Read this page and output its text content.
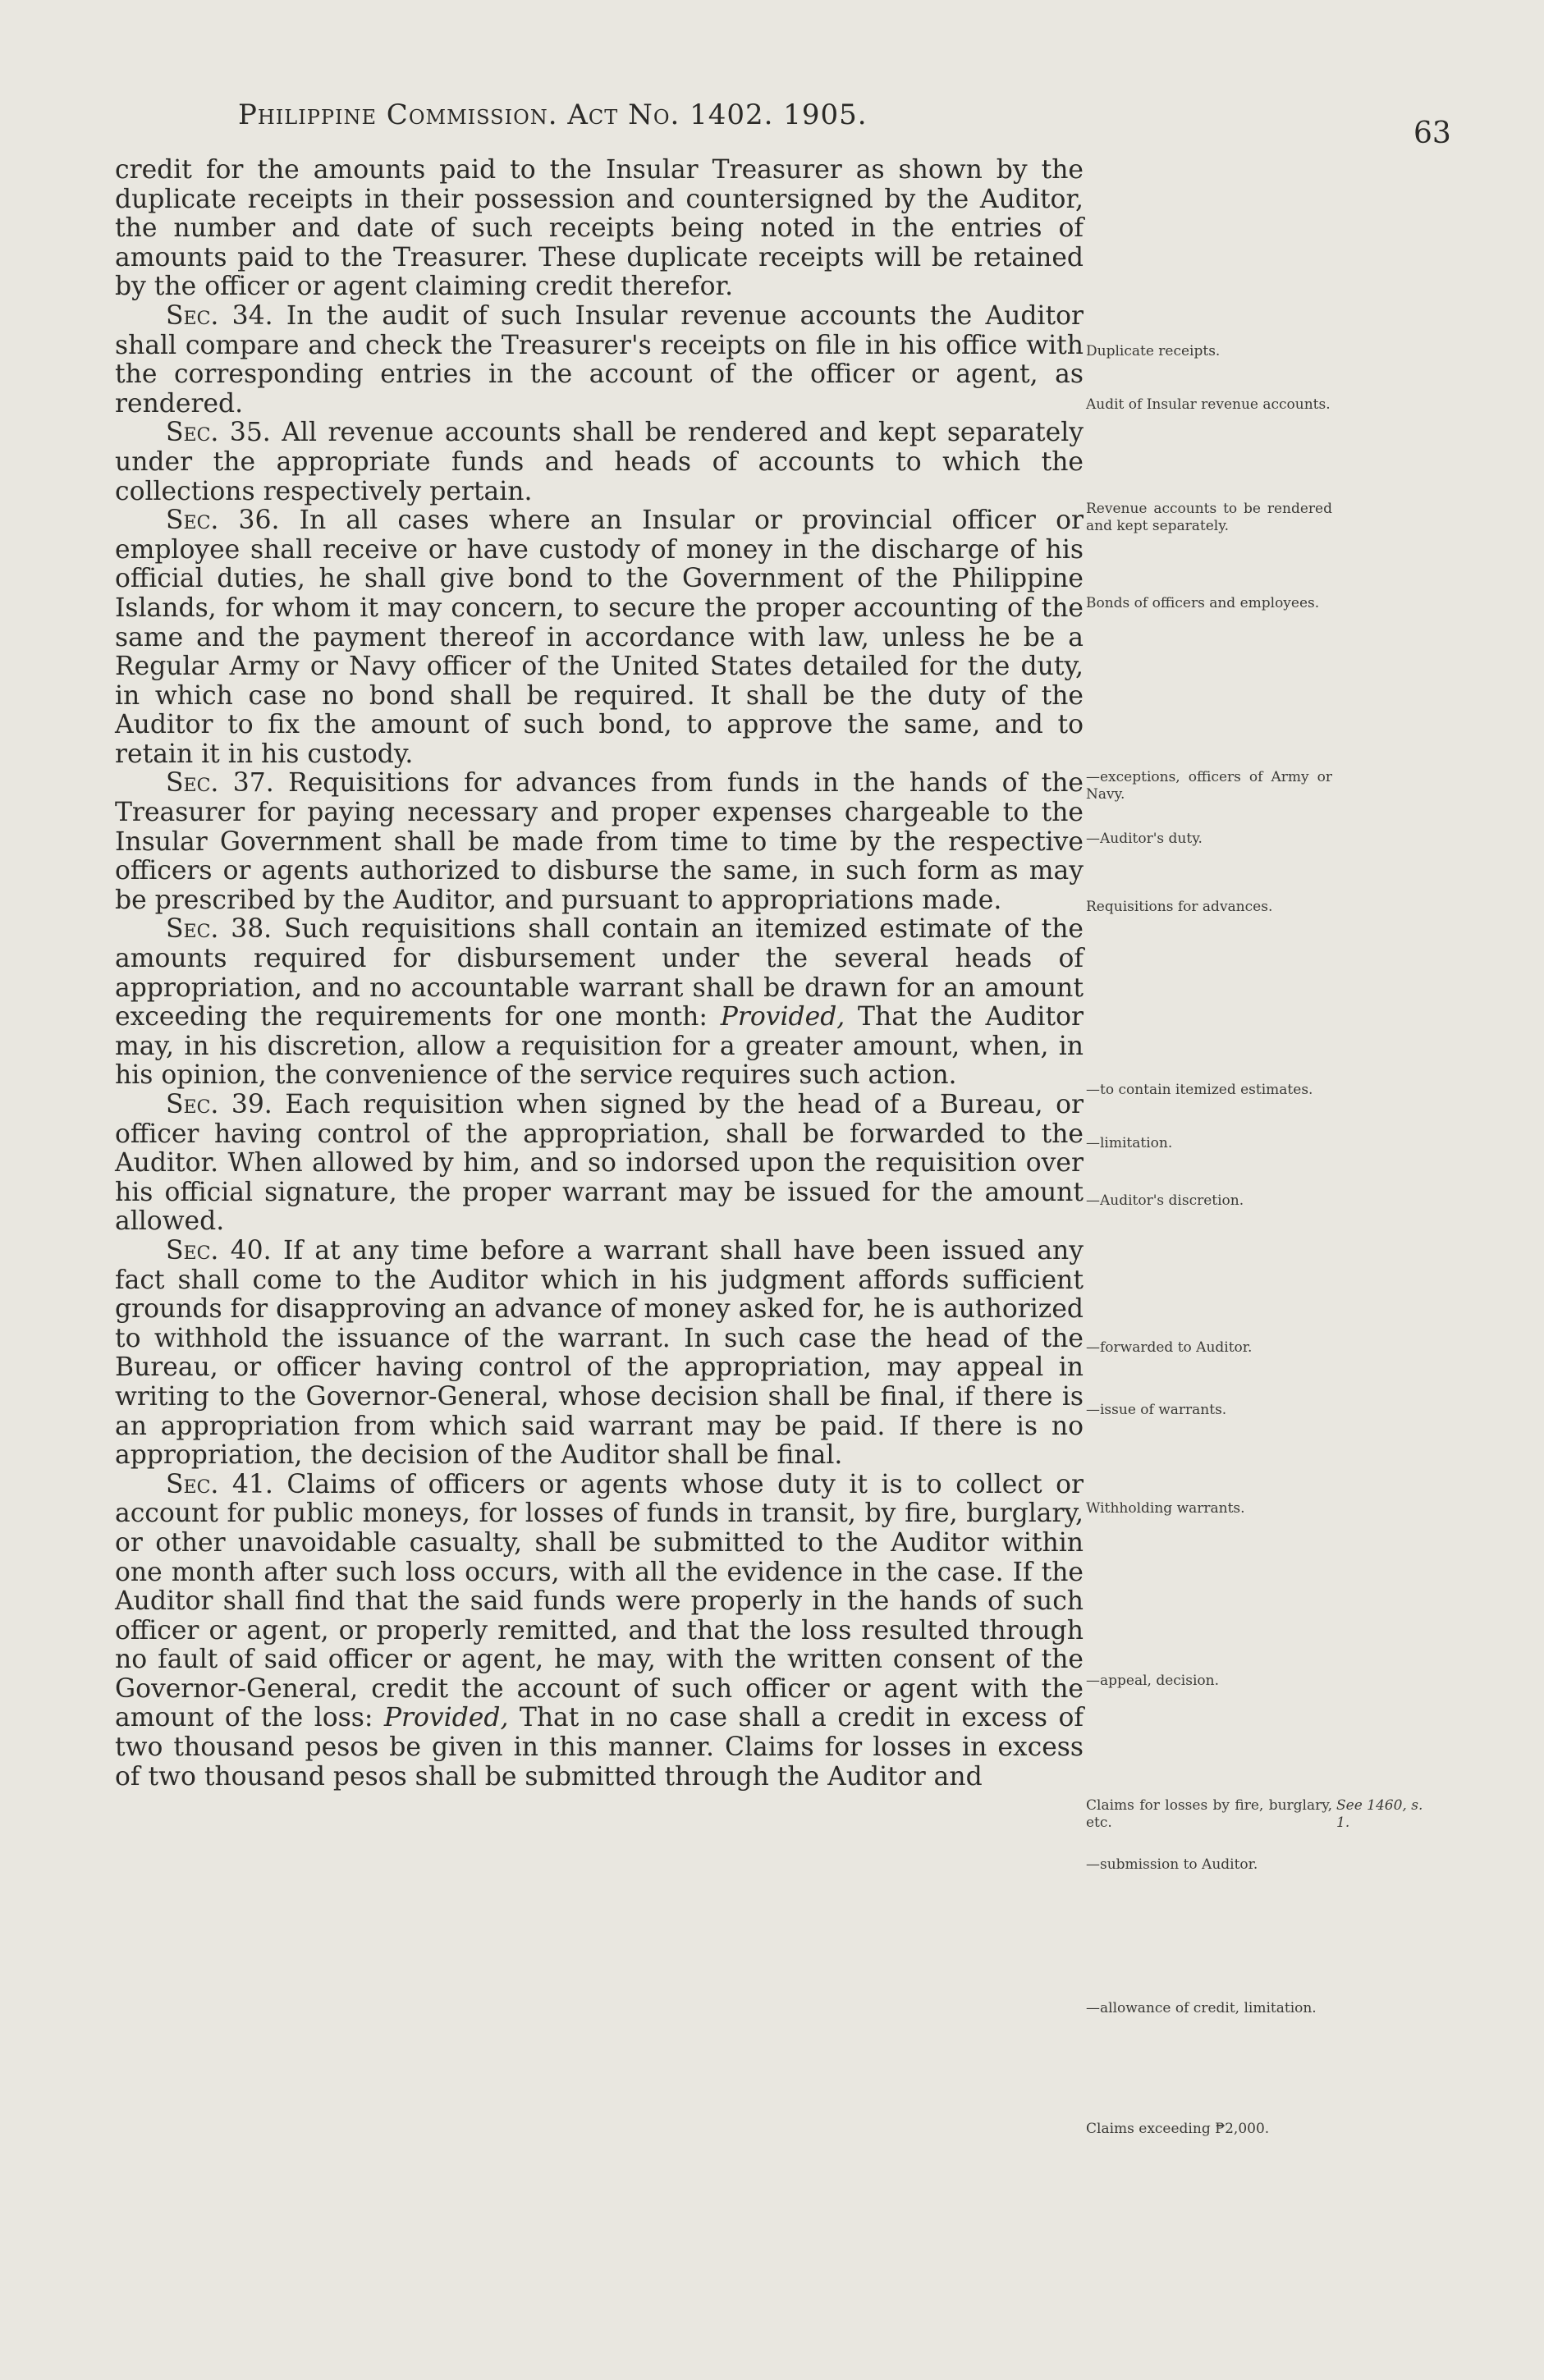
Philippine Commission. Act No. 1402. 1905.
63

credit for the amounts paid to the Insular Treasurer as shown by the duplicate receipts in their possession and countersigned by the Auditor, the number and date of such receipts being noted in the entries of amounts paid to the Treasurer. These duplicate receipts will be retained by the officer or agent claiming credit therefor.

Sec. 34. In the audit of such Insular revenue accounts the Auditor shall compare and check the Treasurer's receipts on file in his office with the corresponding entries in the account of the officer or agent, as rendered.

Sec. 35. All revenue accounts shall be rendered and kept separately under the appropriate funds and heads of accounts to which the collections respectively pertain.

Sec. 36. In all cases where an Insular or provincial officer or employee shall receive or have custody of money in the discharge of his official duties, he shall give bond to the Government of the Philippine Islands, for whom it may concern, to secure the proper accounting of the same and the payment thereof in accordance with law, unless he be a Regular Army or Navy officer of the United States detailed for the duty, in which case no bond shall be required. It shall be the duty of the Auditor to fix the amount of such bond, to approve the same, and to retain it in his custody.

Sec. 37. Requisitions for advances from funds in the hands of the Treasurer for paying necessary and proper expenses chargeable to the Insular Government shall be made from time to time by the respective officers or agents authorized to disburse the same, in such form as may be prescribed by the Auditor, and pursuant to appropriations made.

Sec. 38. Such requisitions shall contain an itemized estimate of the amounts required for disbursement under the several heads of appropriation, and no accountable warrant shall be drawn for an amount exceeding the requirements for one month: Provided, That the Auditor may, in his discretion, allow a requisition for a greater amount, when, in his opinion, the convenience of the service requires such action.

Sec. 39. Each requisition when signed by the head of a Bureau, or officer having control of the appropriation, shall be forwarded to the Auditor. When allowed by him, and so indorsed upon the requisition over his official signature, the proper warrant may be issued for the amount allowed.

Sec. 40. If at any time before a warrant shall have been issued any fact shall come to the Auditor which in his judgment affords sufficient grounds for disapproving an advance of money asked for, he is authorized to withhold the issuance of the warrant. In such case the head of the Bureau, or officer having control of the appropriation, may appeal in writing to the Governor-General, whose decision shall be final, if there is an appropriation from which said warrant may be paid. If there is no appropriation, the decision of the Auditor shall be final.

Sec. 41. Claims of officers or agents whose duty it is to collect or account for public moneys, for losses of funds in transit, by fire, burglary, or other unavoidable casualty, shall be submitted to the Auditor within one month after such loss occurs, with all the evidence in the case. If the Auditor shall find that the said funds were properly in the hands of such officer or agent, or properly remitted, and that the loss resulted through no fault of said officer or agent, he may, with the written consent of the Governor-General, credit the account of such officer or agent with the amount of the loss: Provided, That in no case shall a credit in excess of two thousand pesos be given in this manner. Claims for losses in excess of two thousand pesos shall be submitted through the Auditor and

Duplicate receipts.
Audit of Insular revenue accounts.
Revenue accounts to be rendered and kept separately.
Bonds of officers and employees.
—exceptions, officers of Army or Navy.
—Auditor's duty.
Requisitions for advances.
—to contain itemized estimates.
—limitation.
—Auditor's discretion.
—forwarded to Auditor.
—issue of warrants.
Withholding warrants.
—appeal, decision.
Claims for losses by fire, burglary, etc.
See 1460, s. 1.
—submission to Auditor.
—allowance of credit, limitation.
Claims exceeding ₱2,000.
